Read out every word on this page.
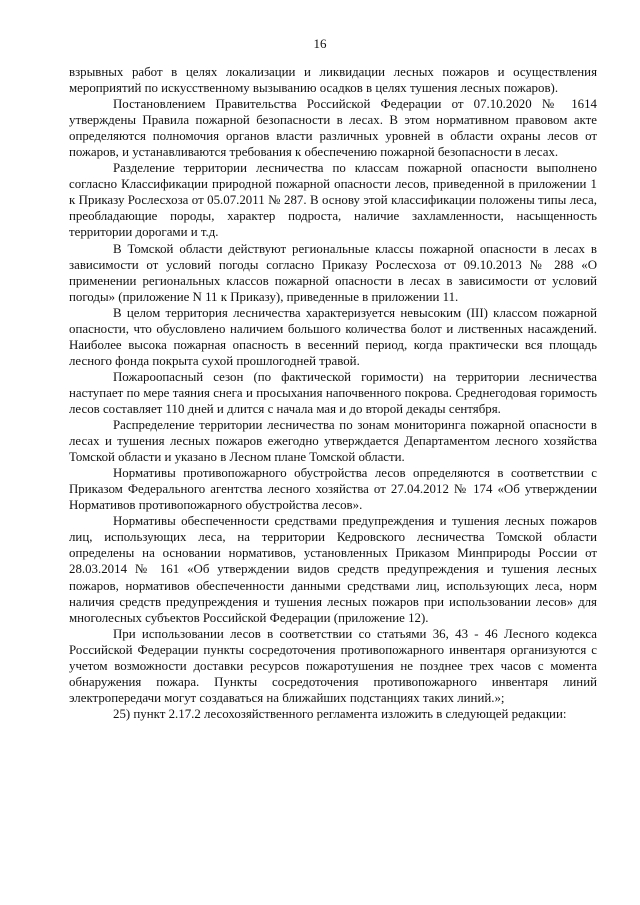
16

взрывных работ в целях локализации и ликвидации лесных пожаров и осуществления мероприятий по искусственному вызыванию осадков в целях тушения лесных пожаров).

Постановлением Правительства Российской Федерации от 07.10.2020 № 1614 утверждены Правила пожарной безопасности в лесах. В этом нормативном правовом акте определяются полномочия органов власти различных уровней в области охраны лесов от пожаров, и устанавливаются требования к обеспечению пожарной безопасности в лесах.

Разделение территории лесничества по классам пожарной опасности выполнено согласно Классификации природной пожарной опасности лесов, приведенной в приложении 1 к Приказу Рослесхоза от 05.07.2011 № 287. В основу этой классификации положены типы леса, преобладающие породы, характер подроста, наличие захламленности, насыщенность территории дорогами и т.д.

В Томской области действуют региональные классы пожарной опасности в лесах в зависимости от условий погоды согласно Приказу Рослесхоза от 09.10.2013 № 288 «О применении региональных классов пожарной опасности в лесах в зависимости от условий погоды» (приложение N 11 к Приказу), приведенные в приложении 11.

В целом территория лесничества характеризуется невысоким (III) классом пожарной опасности, что обусловлено наличием большого количества болот и лиственных насаждений. Наиболее высока пожарная опасность в весенний период, когда практически вся площадь лесного фонда покрыта сухой прошлогодней травой.

Пожароопасный сезон (по фактической горимости) на территории лесничества наступает по мере таяния снега и просыхания напочвенного покрова. Среднегодовая горимость лесов составляет 110 дней и длится с начала мая и до второй декады сентября.

Распределение территории лесничества по зонам мониторинга пожарной опасности в лесах и тушения лесных пожаров ежегодно утверждается Департаментом лесного хозяйства Томской области и указано в Лесном плане Томской области.

Нормативы противопожарного обустройства лесов определяются в соответствии с Приказом Федерального агентства лесного хозяйства от 27.04.2012 № 174 «Об утверждении Нормативов противопожарного обустройства лесов».

Нормативы обеспеченности средствами предупреждения и тушения лесных пожаров лиц, использующих леса, на территории Кедровского лесничества Томской области определены на основании нормативов, установленных Приказом Минприроды России от 28.03.2014 № 161 «Об утверждении видов средств предупреждения и тушения лесных пожаров, нормативов обеспеченности данными средствами лиц, использующих леса, норм наличия средств предупреждения и тушения лесных пожаров при использовании лесов» для многолесных субъектов Российской Федерации (приложение 12).

При использовании лесов в соответствии со статьями 36, 43 - 46 Лесного кодекса Российской Федерации пункты сосредоточения противопожарного инвентаря организуются с учетом возможности доставки ресурсов пожаротушения не позднее трех часов с момента обнаружения пожара. Пункты сосредоточения противопожарного инвентаря линий электропередачи могут создаваться на ближайших подстанциях таких линий.»;

25) пункт 2.17.2 лесохозяйственного регламента изложить в следующей редакции:
